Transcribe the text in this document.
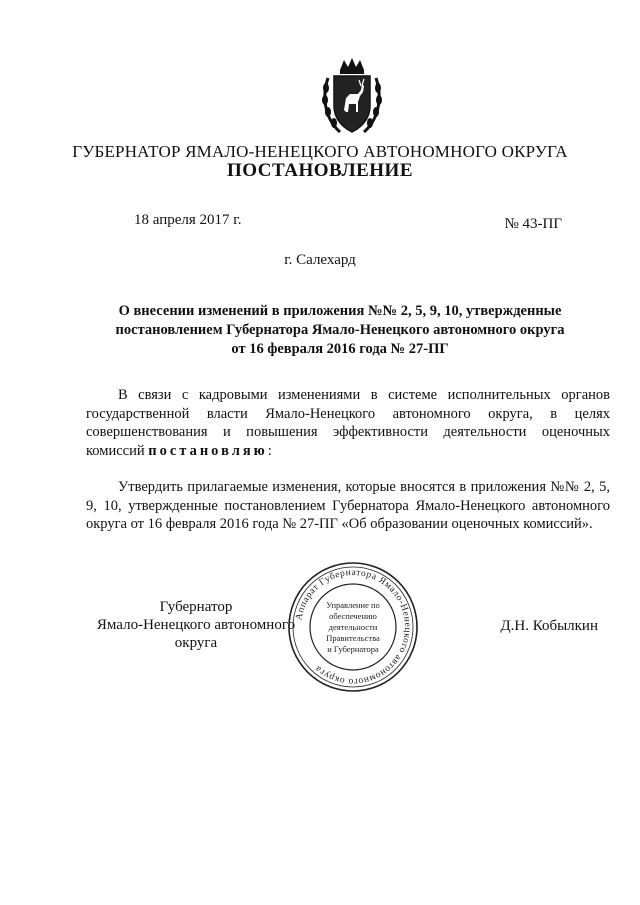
ГУБЕРНАТОР ЯМАЛО-НЕНЕЦКОГО АВТОНОМНОГО ОКРУГА
ПОСТАНОВЛЕНИЕ
18 апреля 2017 г.	№ 43-ПГ
г. Салехард
О внесении изменений в приложения №№ 2, 5, 9, 10, утвержденные
постановлением Губернатора Ямало-Ненецкого автономного округа
от 16 февраля 2016 года № 27-ПГ

В связи с кадровыми изменениями в системе исполнительных органов государственной власти Ямало-Ненецкого автономного округа, в целях совершенствования и повышения эффективности деятельности оценочных комиссий постановляю:

Утвердить прилагаемые изменения, которые вносятся в приложения №№ 2, 5, 9, 10, утвержденные постановлением Губернатора Ямало-Ненецкого автономного округа от 16 февраля 2016 года № 27-ПГ «Об образовании оценочных комиссий».

Губернатор
Ямало-Ненецкого автономного округа
Д.Н. Кобылкин
Аппарат Губернатора Ямало-Ненецкого автономного округа
Управление по
обеспечению
деятельности
Правительства
и Губернатора
